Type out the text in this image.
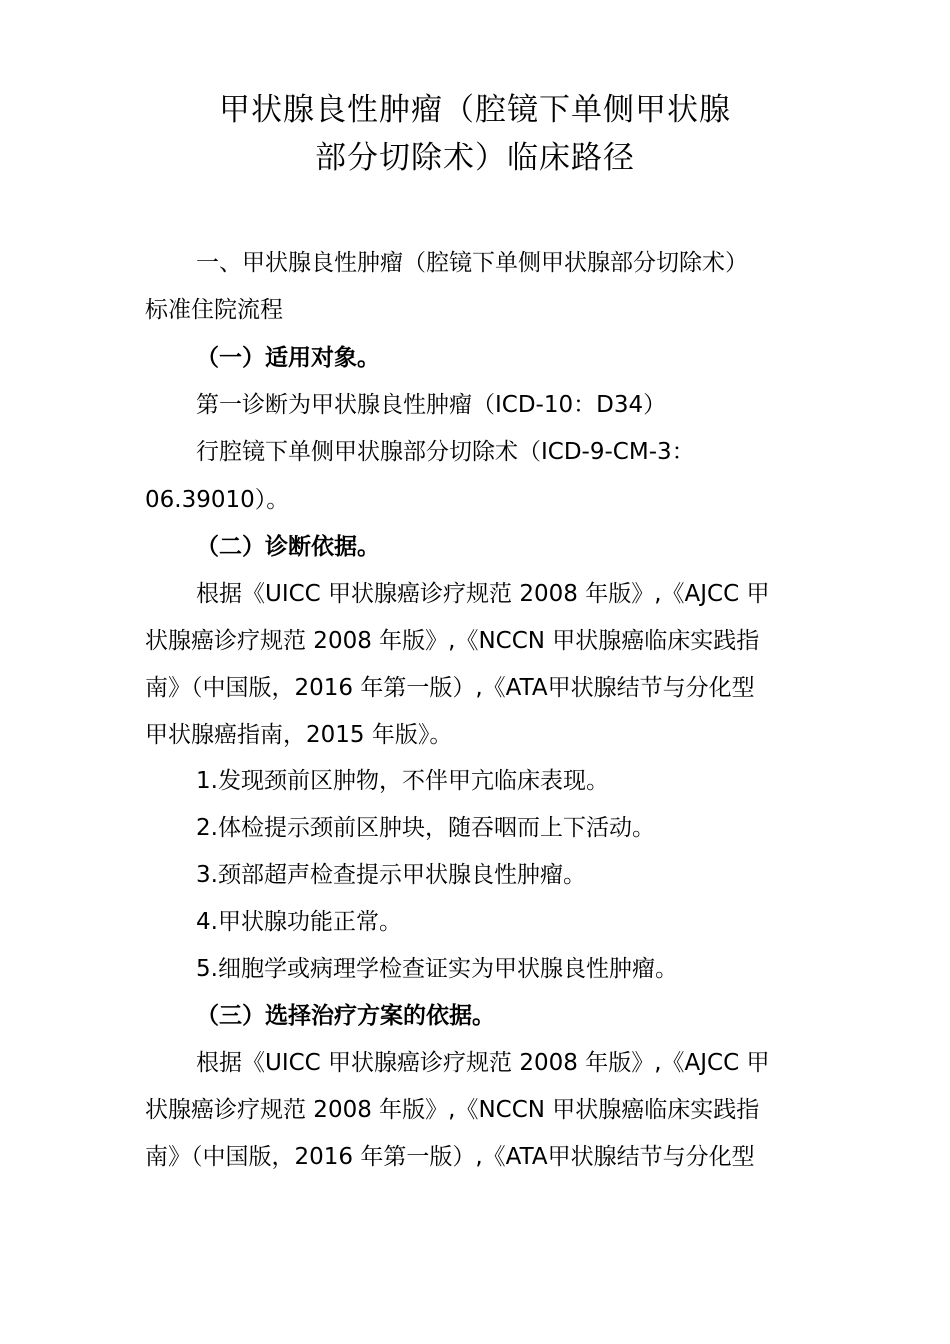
甲状腺良性肿瘤（腔镜下单侧甲状腺
部分切除术）临床路径
一、甲状腺良性肿瘤（腔镜下单侧甲状腺部分切除术）
标准住院流程
（一）适用对象。
第一诊断为甲状腺良性肿瘤（ICD-10：D34）
行腔镜下单侧甲状腺部分切除术（ICD-9-CM-3：
06.39010）。
（二）诊断依据。
根据《UICC 甲状腺癌诊疗规范 2008 年版》,《AJCC 甲
状腺癌诊疗规范 2008 年版》,《NCCN 甲状腺癌临床实践指
南》（中国版，2016 年第一版）,《ATA甲状腺结节与分化型
甲状腺癌指南，2015 年版》。
1.发现颈前区肿物，不伴甲亢临床表现。
2.体检提示颈前区肿块，随吞咽而上下活动。
3.颈部超声检查提示甲状腺良性肿瘤。
4.甲状腺功能正常。
5.细胞学或病理学检查证实为甲状腺良性肿瘤。
（三）选择治疗方案的依据。
根据《UICC 甲状腺癌诊疗规范 2008 年版》,《AJCC 甲
状腺癌诊疗规范 2008 年版》,《NCCN 甲状腺癌临床实践指
南》（中国版，2016 年第一版）,《ATA甲状腺结节与分化型
